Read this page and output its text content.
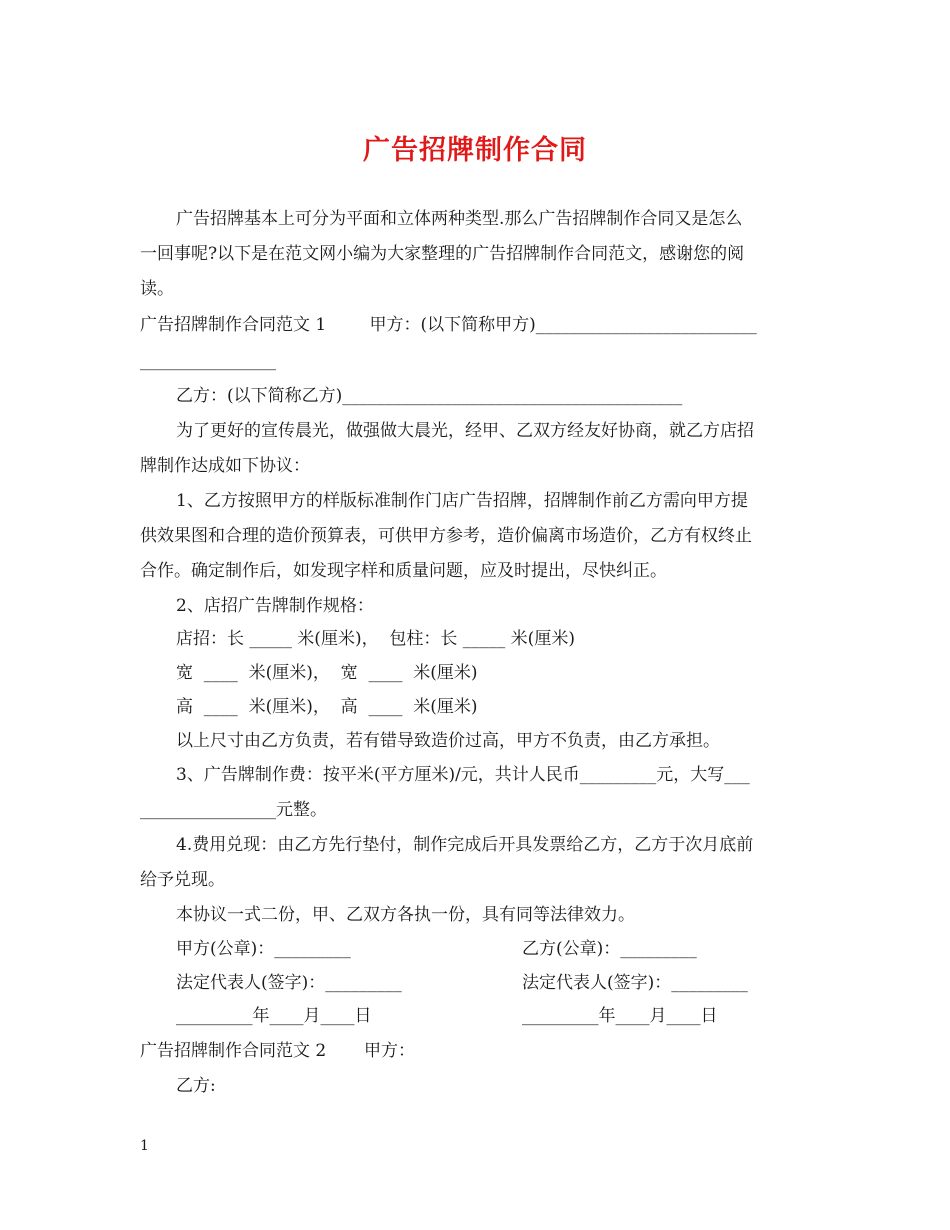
广告招牌制作合同
广告招牌基本上可分为平面和立体两种类型.那么广告招牌制作合同又是怎么
一回事呢?以下是在范文网小编为大家整理的广告招牌制作合同范文，感谢您的阅
读。
广告招牌制作合同范文 1        甲方：(以下简称甲方)__________________________
________________
乙方：(以下简称乙方)________________________________________
为了更好的宣传晨光，做强做大晨光，经甲、乙双方经友好协商，就乙方店招
牌制作达成如下协议：
1、乙方按照甲方的样版标准制作门店广告招牌，招牌制作前乙方需向甲方提
供效果图和合理的造价预算表，可供甲方参考，造价偏离市场造价，乙方有权终止
合作。确定制作后，如发现字样和质量问题，应及时提出，尽快纠正。
2、店招广告牌制作规格：
店招：长 _____ 米(厘米)，  包柱：长 _____ 米(厘米)
宽  ____  米(厘米)，  宽  ____  米(厘米)
高  ____  米(厘米)，  高  ____  米(厘米)
以上尺寸由乙方负责，若有错导致造价过高，甲方不负责，由乙方承担。
3、广告牌制作费：按平米(平方厘米)/元，共计人民币_________元，大写___
________________元整。
4.费用兑现：由乙方先行垫付，制作完成后开具发票给乙方，乙方于次月底前
给予兑现。
本协议一式二份，甲、乙双方各执一份，具有同等法律效力。
甲方(公章)：_________	乙方(公章)：_________
法定代表人(签字)：_________	法定代表人(签字)：_________
_________年____月____日	_________年____月____日
广告招牌制作合同范文 2       甲方：
乙方:
1
